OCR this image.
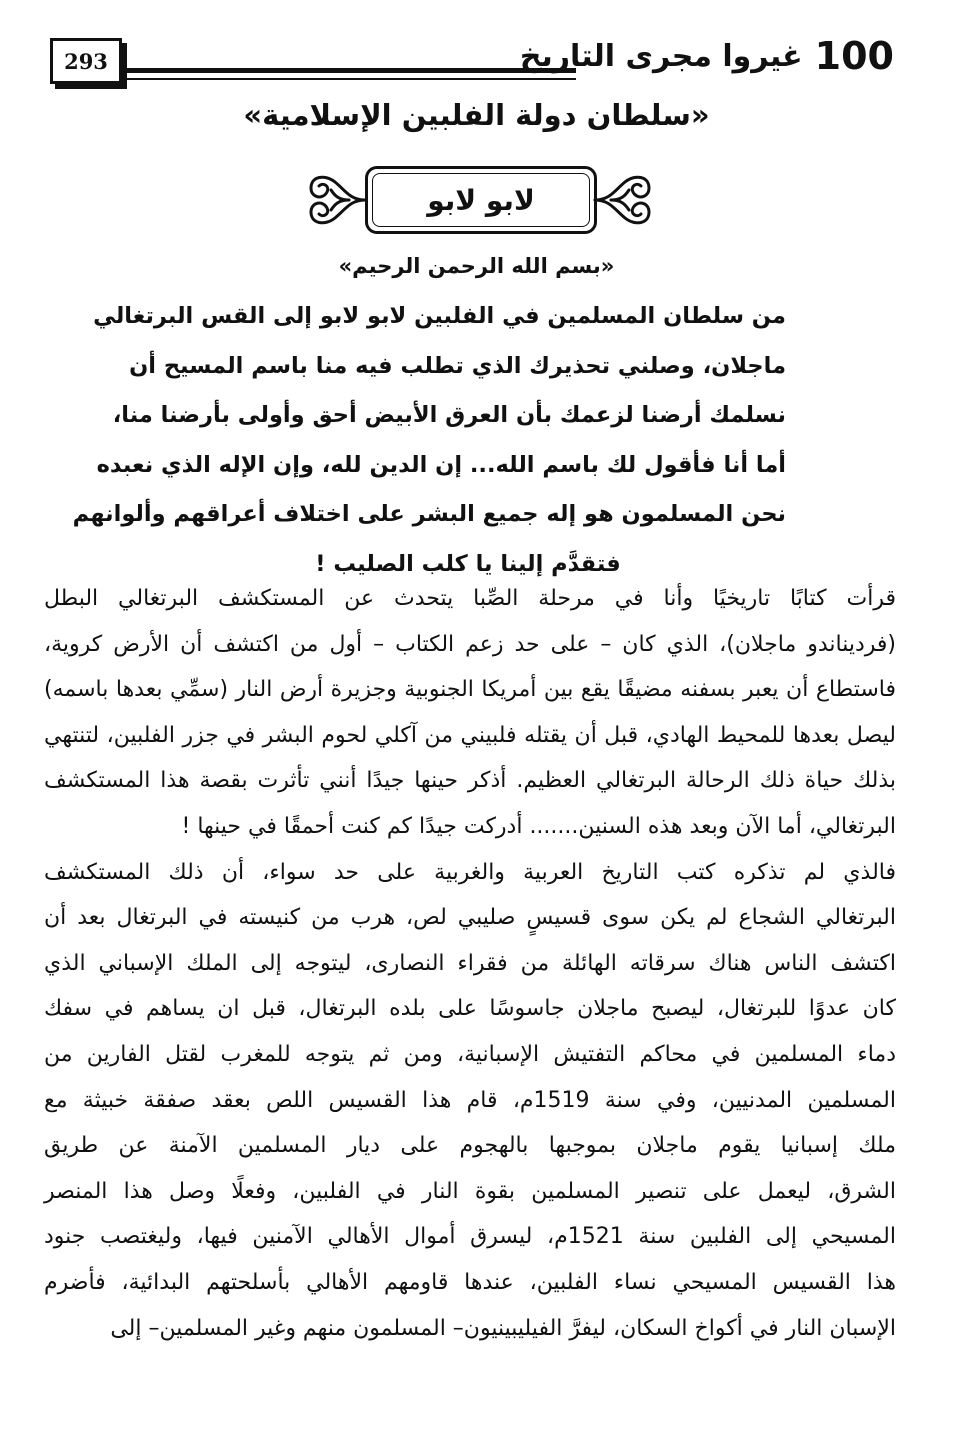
293	100
غيروا مجرى التاريخ
«سلطان دولة الفلبين الإسلامية»
لابو لابو
«بسم الله الرحمن الرحيم»
من سلطان المسلمين في الفلبين لابو لابو إلى القس البرتغالي
ماجلان، وصلني تحذيرك الذي تطلب فيه منا باسم المسيح أن
نسلمك أرضنا لزعمك بأن العرق الأبيض أحق وأولى بأرضنا منا،
أما أنا فأقول لك باسم الله... إن الدين لله، وإن الإله الذي نعبده
نحن المسلمون هو إله جميع البشر على اختلاف أعراقهم وألوانهم
فتقدَّم إلينا يا كلب الصليب !
قرأت كتابًا تاريخيًا وأنا في مرحلة الصِّبا يتحدث عن المستكشف البرتغالي البطل
(فرديناندو ماجلان)، الذي كان – على حد زعم الكتاب – أول من اكتشف أن الأرض كروية،
فاستطاع أن يعبر بسفنه مضيقًا يقع بين أمريكا الجنوبية وجزيرة أرض النار (سمِّي بعدها باسمه)
ليصل بعدها للمحيط الهادي، قبل أن يقتله فلبيني من آكلي لحوم البشر في جزر الفلبين، لتنتهي
بذلك حياة ذلك الرحالة البرتغالي العظيم. أذكر حينها جيدًا أنني تأثرت بقصة هذا المستكشف
البرتغالي، أما الآن وبعد هذه السنين....... أدركت جيدًا كم كنت أحمقًا في حينها !
فالذي لم تذكره كتب التاريخ العربية والغربية على حد سواء، أن ذلك المستكشف
البرتغالي الشجاع لم يكن سوى قسيسٍ صليبي لص، هرب من كنيسته في البرتغال بعد أن
اكتشف الناس هناك سرقاته الهائلة من فقراء النصارى، ليتوجه إلى الملك الإسباني الذي
كان عدوًا للبرتغال، ليصبح ماجلان جاسوسًا على بلده البرتغال، قبل ان يساهم في سفك
دماء المسلمين في محاكم التفتيش الإسبانية، ومن ثم يتوجه للمغرب لقتل الفارين من
المسلمين المدنيين، وفي سنة 1519م، قام هذا القسيس اللص بعقد صفقة خبيثة مع
ملك إسبانيا يقوم ماجلان بموجبها بالهجوم على ديار المسلمين الآمنة عن طريق
الشرق، ليعمل على تنصير المسلمين بقوة النار في الفلبين، وفعلًا وصل هذا المنصر
المسيحي إلى الفلبين سنة 1521م، ليسرق أموال الأهالي الآمنين فيها، وليغتصب جنود
هذا القسيس المسيحي نساء الفلبين، عندها قاومهم الأهالي بأسلحتهم البدائية، فأضرم
الإسبان النار في أكواخ السكان، ليفرَّ الفيليبينيون– المسلمون منهم وغير المسلمين– إلى
